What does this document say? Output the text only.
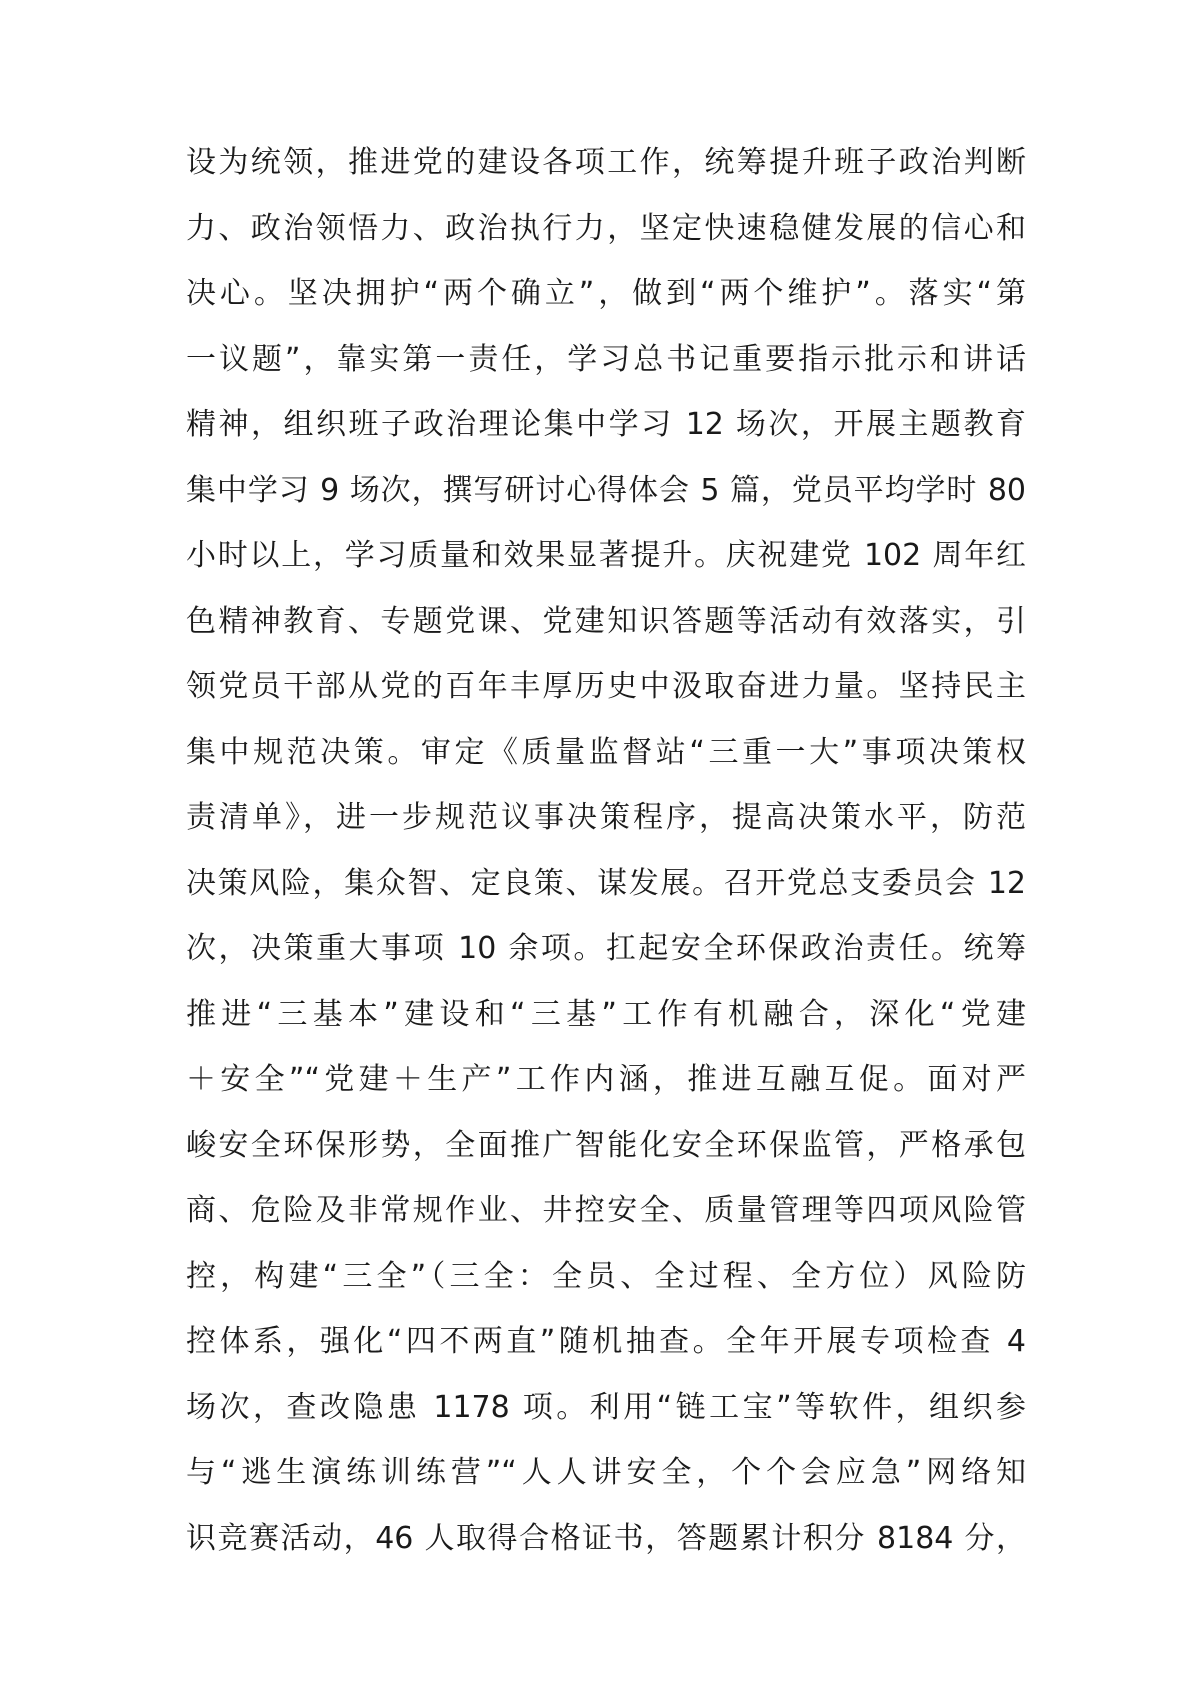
设为统领，推进党的建设各项工作，统筹提升班子政治判断
力、政治领悟力、政治执行力，坚定快速稳健发展的信心和
决心。坚决拥护“两个确立”，做到“两个维护”。落实“第
一议题”，靠实第一责任，学习总书记重要指示批示和讲话
精神，组织班子政治理论集中学习 12 场次，开展主题教育
集中学习 9 场次，撰写研讨心得体会 5 篇，党员平均学时 80
小时以上，学习质量和效果显著提升。庆祝建党 102 周年红
色精神教育、专题党课、党建知识答题等活动有效落实，引
领党员干部从党的百年丰厚历史中汲取奋进力量。坚持民主
集中规范决策。审定《质量监督站“三重一大”事项决策权
责清单》，进一步规范议事决策程序，提高决策水平，防范
决策风险，集众智、定良策、谋发展。召开党总支委员会 12
次，决策重大事项 10 余项。扛起安全环保政治责任。统筹
推进“三基本”建设和“三基”工作有机融合，深化“党建
＋安全”“党建＋生产”工作内涵，推进互融互促。面对严
峻安全环保形势，全面推广智能化安全环保监管，严格承包
商、危险及非常规作业、井控安全、质量管理等四项风险管
控，构建“三全”（三全：全员、全过程、全方位）风险防
控体系，强化“四不两直”随机抽查。全年开展专项检查 4
场次，查改隐患 1178 项。利用“链工宝”等软件，组织参
与“逃生演练训练营”“人人讲安全，个个会应急”网络知
识竞赛活动，46 人取得合格证书，答题累计积分 8184 分，
